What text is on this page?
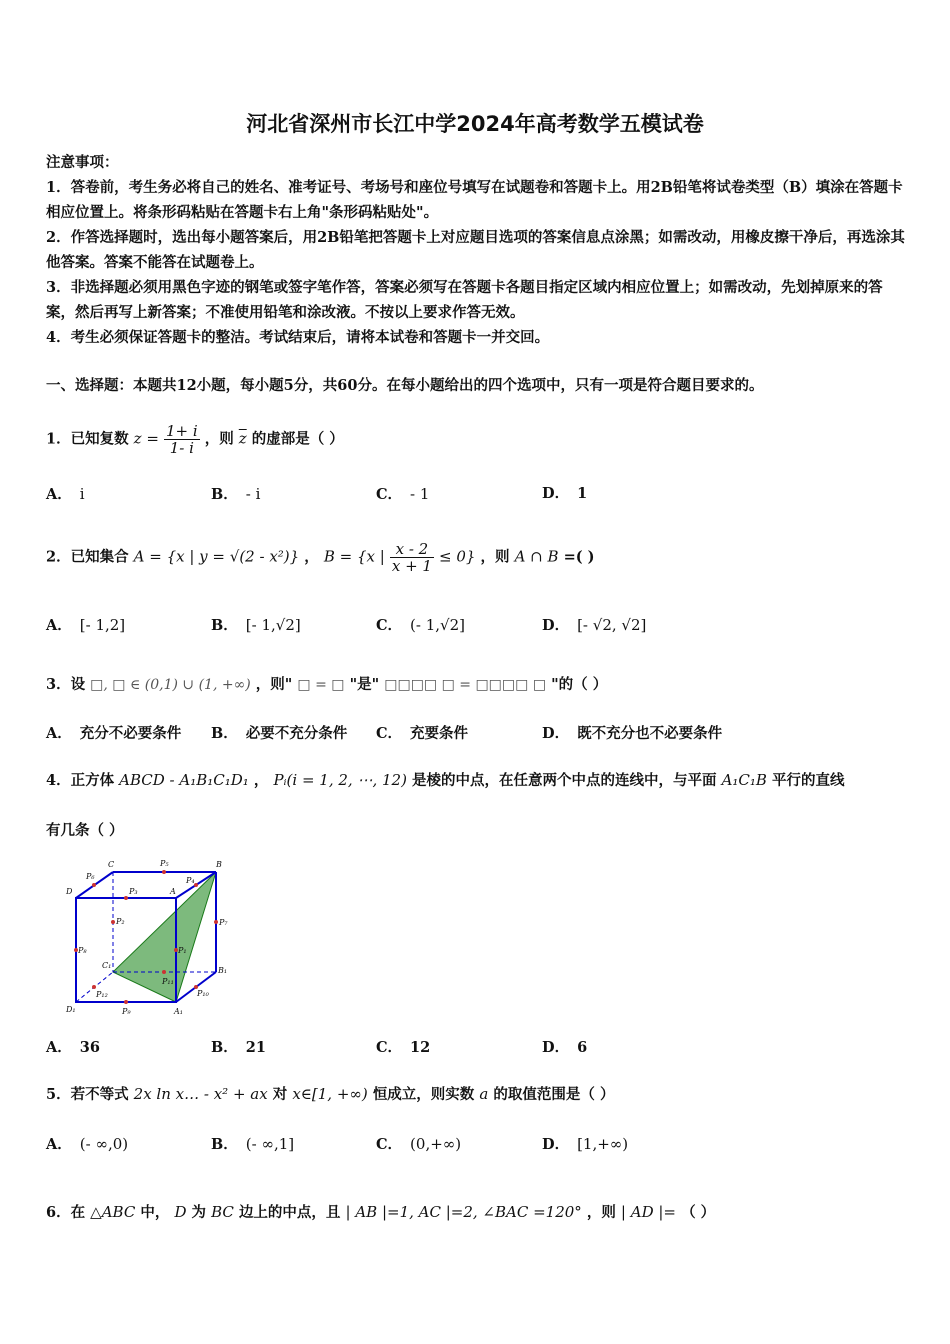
河北省深州市长江中学2024年高考数学五模试卷
注意事项：
1．答卷前，考生务必将自己的姓名、准考证号、考场号和座位号填写在试题卷和答题卡上。用2B铅笔将试卷类型（B）填涂在答题卡相应位置上。将条形码粘贴在答题卡右上角"条形码粘贴处"。
2．作答选择题时，选出每小题答案后，用2B铅笔把答题卡上对应题目选项的答案信息点涂黑；如需改动，用橡皮擦干净后，再选涂其他答案。答案不能答在试题卷上。
3．非选择题必须用黑色字迹的钢笔或签字笔作答，答案必须写在答题卡各题目指定区域内相应位置上；如需改动，先划掉原来的答案，然后再写上新答案；不准使用铅笔和涂改液。不按以上要求作答无效。
4．考生必须保证答题卡的整洁。考试结束后，请将本试卷和答题卡一并交回。
一、选择题：本题共12小题，每小题5分，共60分。在每小题给出的四个选项中，只有一项是符合题目要求的。
1．已知复数 $z = \frac{1+ i}{1- i}$ ，则 $\overline{z}$ 的虚部是（ ）
A． i	B． - i	C． - 1	D． 1
2．已知集合 A = {x | y = √(2 - x²)} ， B = {x | $\frac{x - 2}{x + 1} \le 0$} ，则 A ∩ B =( )
A． [- 1,2]	B． [- 1,√2]	C． (- 1,√2]	D． [- √2, √2]
3．设 □, □ ∈ (0,1) ∪ (1, +∞) ，则" □ = □ "是" □□□□ □ = □□□□ □ "的（ ）
A． 充分不必要条件 B． 必要不充分条件 C． 充要条件	D． 既不充分也不必要条件
4．正方体 ABCD - A₁B₁C₁D₁ ， Pᵢ(i = 1, 2, ⋯, 12) 是棱的中点，在任意两个中点的连线中，与平面 A₁C₁B 平行的直线
有几条（ ）
C	P₅	B
D
P₆	P₄
A
P₃
P₂	P₇
P₁
P₈
C₁
B₁
P₁₂
P₁₁
P₁₀
D₁	P₉	A₁
A． 36	B． 21	C． 12	D． 6
5．若不等式 2x ln x… - x² + ax 对 x∈[1, +∞) 恒成立，则实数 a 的取值范围是（ ）
A． (- ∞,0)	B． (- ∞,1]	C． (0,+∞)	D． [1,+∞)
6．在 △ABC 中， D 为 BC 边上的中点，且 | AB |=1, AC |=2, ∠BAC =120° ，则 | AD |= （ ）
